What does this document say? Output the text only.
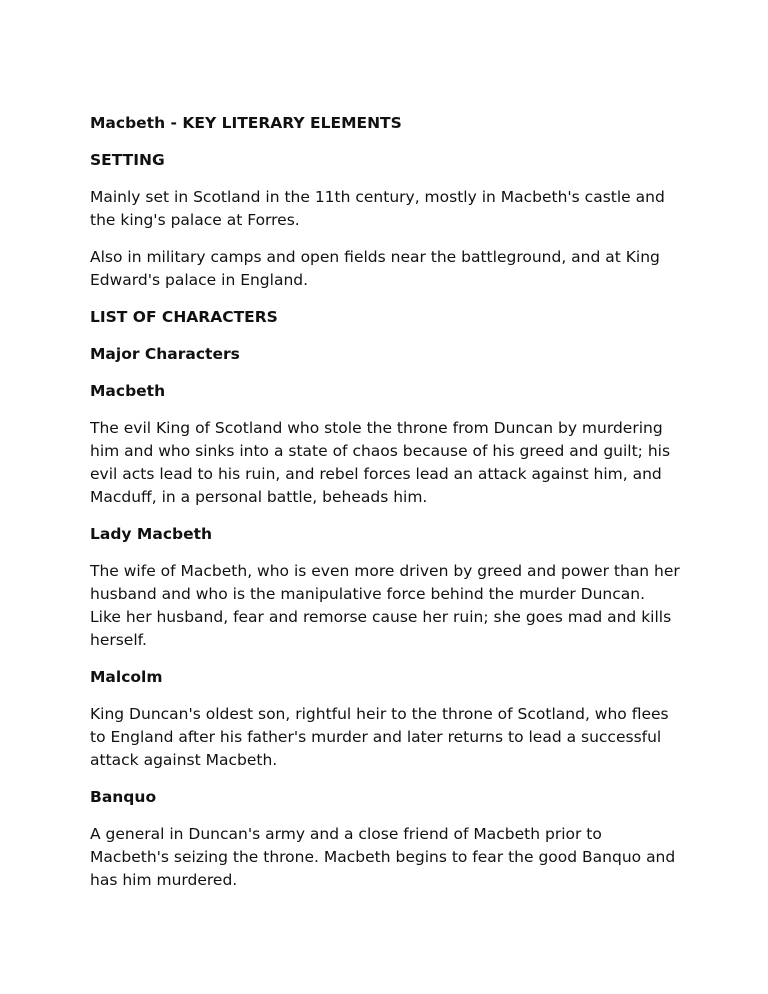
Macbeth - KEY LITERARY ELEMENTS

SETTING

Mainly set in Scotland in the 11th century, mostly in Macbeth's castle and the king's palace at Forres.

Also in military camps and open fields near the battleground, and at King Edward's palace in England.

LIST OF CHARACTERS

Major Characters

Macbeth

The evil King of Scotland who stole the throne from Duncan by murdering him and who sinks into a state of chaos because of his greed and guilt; his evil acts lead to his ruin, and rebel forces lead an attack against him, and Macduff, in a personal battle, beheads him.

Lady Macbeth

The wife of Macbeth, who is even more driven by greed and power than her husband and who is the manipulative force behind the murder Duncan. Like her husband, fear and remorse cause her ruin; she goes mad and kills herself.

Malcolm

King Duncan's oldest son, rightful heir to the throne of Scotland, who flees to England after his father's murder and later returns to lead a successful attack against Macbeth.

Banquo

A general in Duncan's army and a close friend of Macbeth prior to Macbeth's seizing the throne. Macbeth begins to fear the good Banquo and has him murdered.
